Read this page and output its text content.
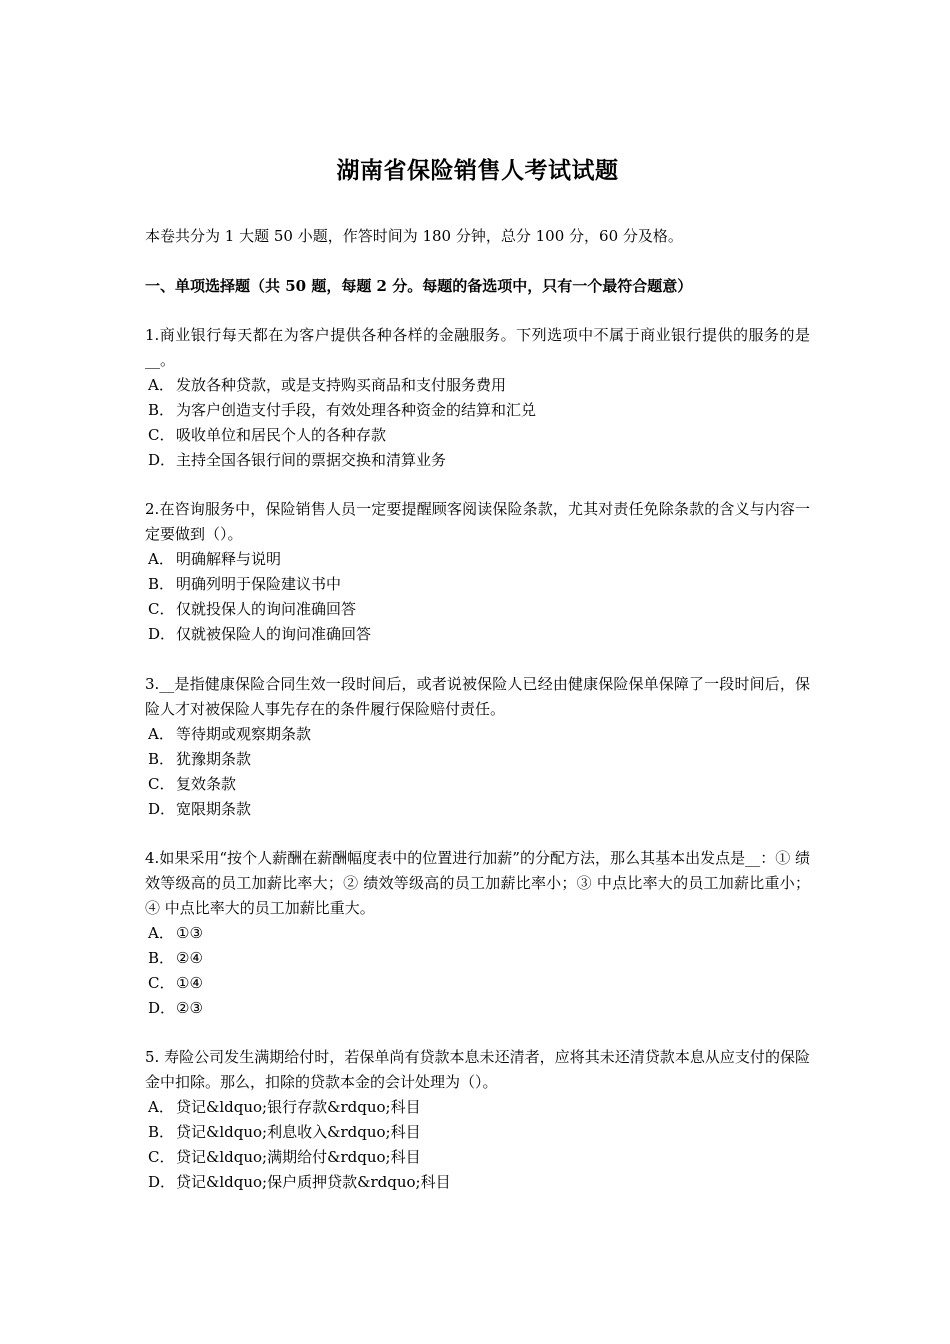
湖南省保险销售人考试试题
本卷共分为 1 大题 50 小题，作答时间为 180 分钟，总分 100 分，60 分及格。
一、单项选择题（共 50 题，每题 2 分。每题的备选项中，只有一个最符合题意）
1.商业银行每天都在为客户提供各种各样的金融服务。下列选项中不属于商业银行提供的服务的是__。
A． 发放各种贷款，或是支持购买商品和支付服务费用
B． 为客户创造支付手段，有效处理各种资金的结算和汇兑
C． 吸收单位和居民个人的各种存款
D．主持全国各银行间的票据交换和清算业务
2.在咨询服务中，保险销售人员一定要提醒顾客阅读保险条款，尤其对责任免除条款的含义与内容一定要做到（）。
A． 明确解释与说明
B． 明确列明于保险建议书中
C． 仅就投保人的询问准确回答
D．仅就被保险人的询问准确回答
3.__是指健康保险合同生效一段时间后，或者说被保险人已经由健康保险保单保障了一段时间后，保险人才对被保险人事先存在的条件履行保险赔付责任。
A． 等待期或观察期条款
B． 犹豫期条款
C． 复效条款
D．宽限期条款
4.如果采用“按个人薪酬在薪酬幅度表中的位置进行加薪”的分配方法，那么其基本出发点是__：① 绩效等级高的员工加薪比率大；② 绩效等级高的员工加薪比率小；③ 中点比率大的员工加薪比重小；④ 中点比率大的员工加薪比重大。
A． ①③
B． ②④
C． ①④
D．②③
5. 寿险公司发生满期给付时，若保单尚有贷款本息未还清者，应将其未还清贷款本息从应支付的保险金中扣除。那么，扣除的贷款本金的会计处理为（）。
A． 贷记&ldquo;银行存款&rdquo;科目
B． 贷记&ldquo;利息收入&rdquo;科目
C． 贷记&ldquo;满期给付&rdquo;科目
D．贷记&ldquo;保户质押贷款&rdquo;科目
